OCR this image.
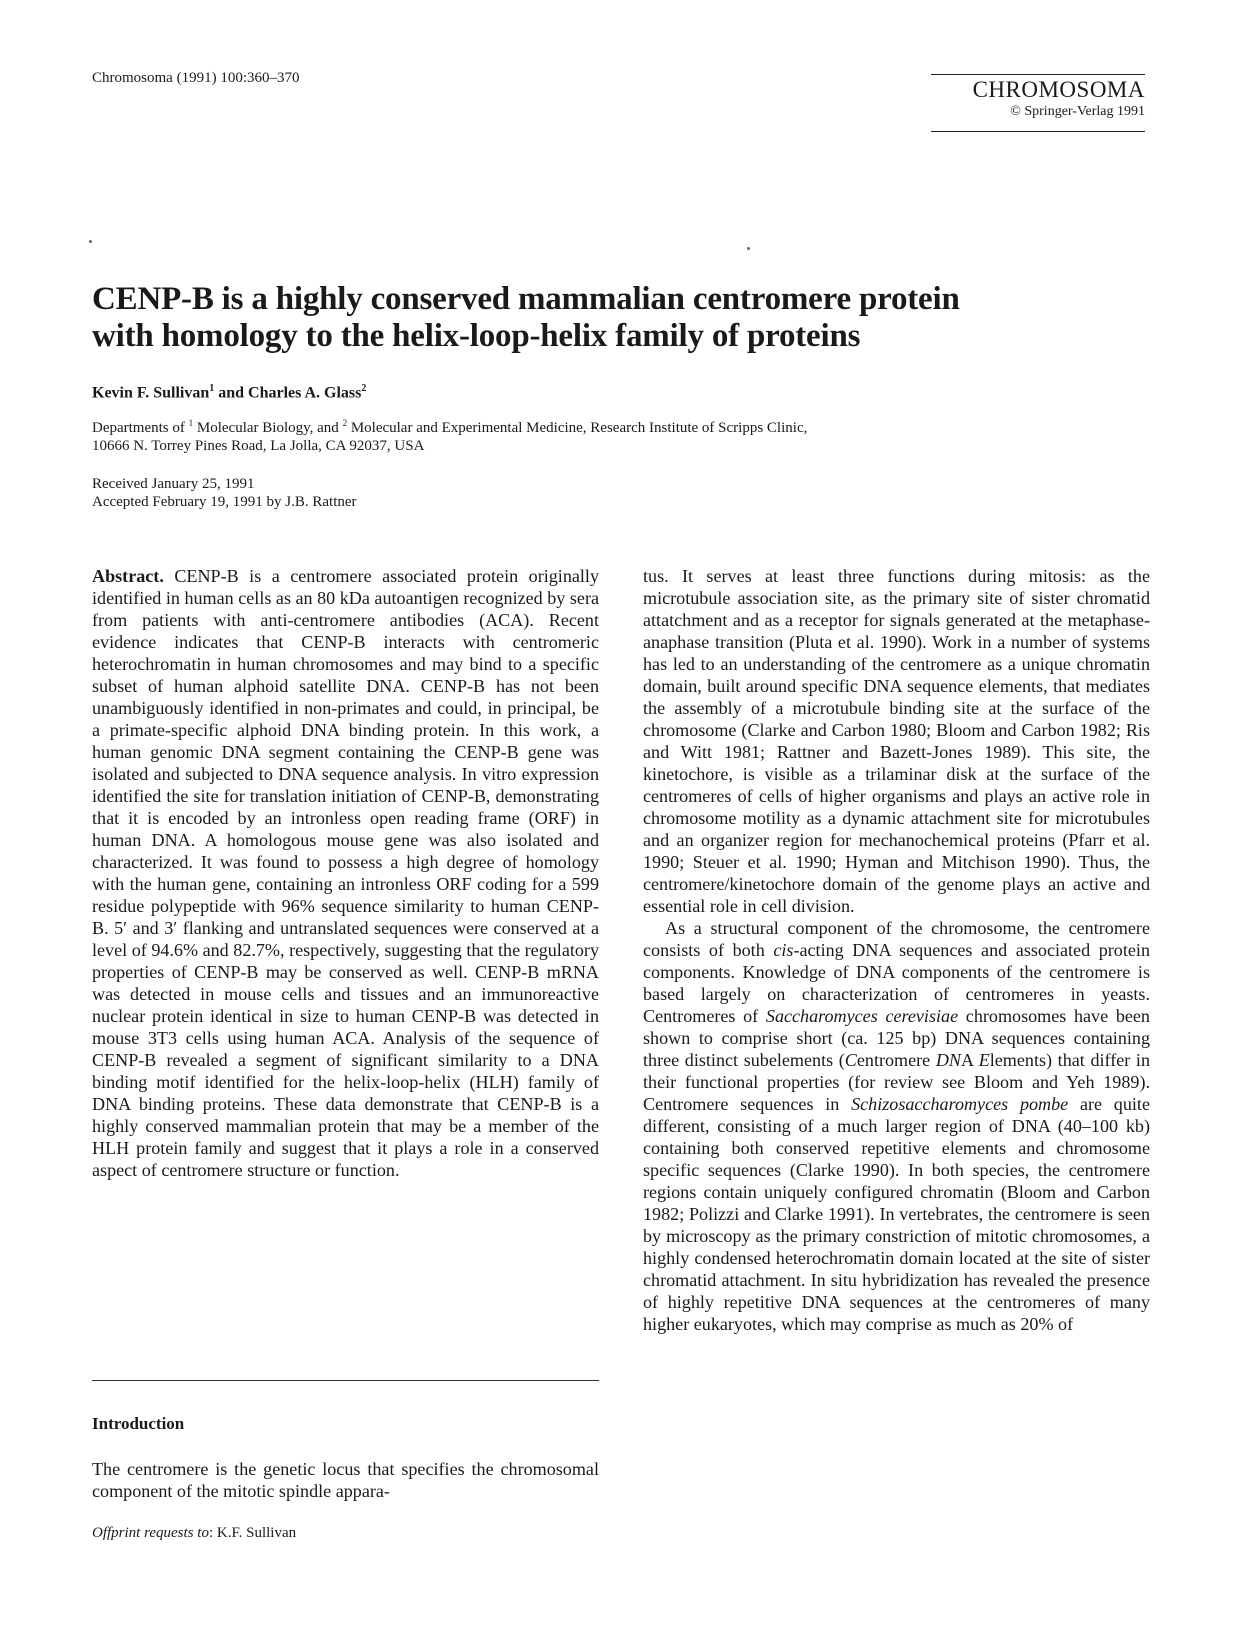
Chromosoma (1991) 100:360–370	CHROMOSOMA
© Springer-Verlag 1991
CENP-B is a highly conserved mammalian centromere protein
with homology to the helix-loop-helix family of proteins
Kevin F. Sullivan$^1$ and Charles A. Glass$^2$
Departments of $^1$ Molecular Biology, and $^2$ Molecular and Experimental Medicine, Research Institute of Scripps Clinic,
10666 N. Torrey Pines Road, La Jolla, CA 92037, USA
Received January 25, 1991
Accepted February 19, 1991 by J.B. Rattner

Abstract. CENP-B is a centromere associated protein originally identified in human cells as an 80 kDa autoantigen recognized by sera from patients with anti-centromere antibodies (ACA). Recent evidence indicates that CENP-B interacts with centromeric heterochromatin in human chromosomes and may bind to a specific subset of human alphoid satellite DNA. CENP-B has not been unambiguously identified in non-primates and could, in principal, be a primate-specific alphoid DNA binding protein. In this work, a human genomic DNA segment containing the CENP-B gene was isolated and subjected to DNA sequence analysis. In vitro expression identified the site for translation initiation of CENP-B, demonstrating that it is encoded by an intronless open reading frame (ORF) in human DNA. A homologous mouse gene was also isolated and characterized. It was found to possess a high degree of homology with the human gene, containing an intronless ORF coding for a 599 residue polypeptide with 96% sequence similarity to human CENP-B. 5′ and 3′ flanking and untranslated sequences were conserved at a level of 94.6% and 82.7%, respectively, suggesting that the regulatory properties of CENP-B may be conserved as well. CENP-B mRNA was detected in mouse cells and tissues and an immunoreactive nuclear protein identical in size to human CENP-B was detected in mouse 3T3 cells using human ACA. Analysis of the sequence of CENP-B revealed a segment of significant similarity to a DNA binding motif identified for the helix-loop-helix (HLH) family of DNA binding proteins. These data demonstrate that CENP-B is a highly conserved mammalian protein that may be a member of the HLH protein family and suggest that it plays a role in a conserved aspect of centromere structure or function.

Introduction

The centromere is the genetic locus that specifies the chromosomal component of the mitotic spindle appara-

Offprint requests to: K.F. Sullivan

tus. It serves at least three functions during mitosis: as the microtubule association site, as the primary site of sister chromatid attatchment and as a receptor for signals generated at the metaphase-anaphase transition (Pluta et al. 1990). Work in a number of systems has led to an understanding of the centromere as a unique chromatin domain, built around specific DNA sequence elements, that mediates the assembly of a microtubule binding site at the surface of the chromosome (Clarke and Carbon 1980; Bloom and Carbon 1982; Ris and Witt 1981; Rattner and Bazett-Jones 1989). This site, the kinetochore, is visible as a trilaminar disk at the surface of the centromeres of cells of higher organisms and plays an active role in chromosome motility as a dynamic attachment site for microtubules and an organizer region for mechanochemical proteins (Pfarr et al. 1990; Steuer et al. 1990; Hyman and Mitchison 1990). Thus, the centromere/kinetochore domain of the genome plays an active and essential role in cell division.

As a structural component of the chromosome, the centromere consists of both cis-acting DNA sequences and associated protein components. Knowledge of DNA components of the centromere is based largely on characterization of centromeres in yeasts. Centromeres of Saccharomyces cerevisiae chromosomes have been shown to comprise short (ca. 125 bp) DNA sequences containing three distinct subelements (Centromere DNA Elements) that differ in their functional properties (for review see Bloom and Yeh 1989). Centromere sequences in Schizosaccharomyces pombe are quite different, consisting of a much larger region of DNA (40–100 kb) containing both conserved repetitive elements and chromosome specific sequences (Clarke 1990). In both species, the centromere regions contain uniquely configured chromatin (Bloom and Carbon 1982; Polizzi and Clarke 1991). In vertebrates, the centromere is seen by microscopy as the primary constriction of mitotic chromosomes, a highly condensed heterochromatin domain located at the site of sister chromatid attachment. In situ hybridization has revealed the presence of highly repetitive DNA sequences at the centromeres of many higher eukaryotes, which may comprise as much as 20% of
